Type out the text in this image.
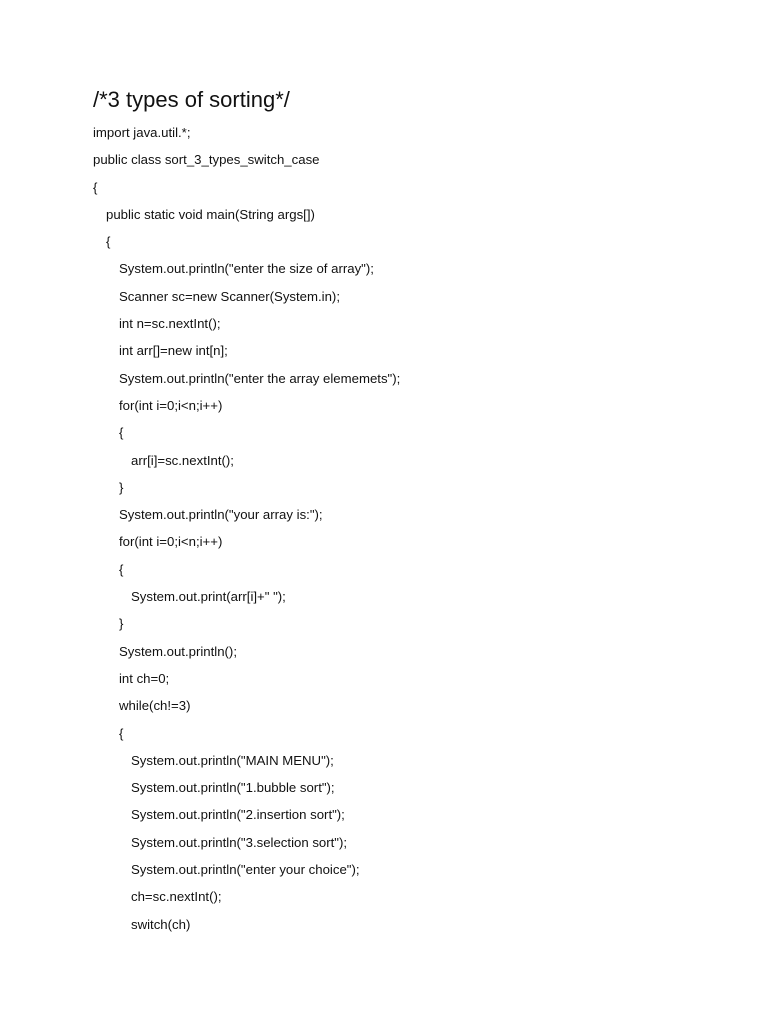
/*3 types of sorting*/
import java.util.*;
public class sort_3_types_switch_case
{
public static void main(String args[])
{
System.out.println("enter the size of array");
Scanner sc=new Scanner(System.in);
int n=sc.nextInt();
int arr[]=new int[n];
System.out.println("enter the array elememets");
for(int i=0;i<n;i++)
{
arr[i]=sc.nextInt();
}
System.out.println("your array is:");
for(int i=0;i<n;i++)
{
System.out.print(arr[i]+" ");
}
System.out.println();
int ch=0;
while(ch!=3)
{
System.out.println("MAIN MENU");
System.out.println("1.bubble sort");
System.out.println("2.insertion sort");
System.out.println("3.selection sort");
System.out.println("enter your choice");
ch=sc.nextInt();
switch(ch)
